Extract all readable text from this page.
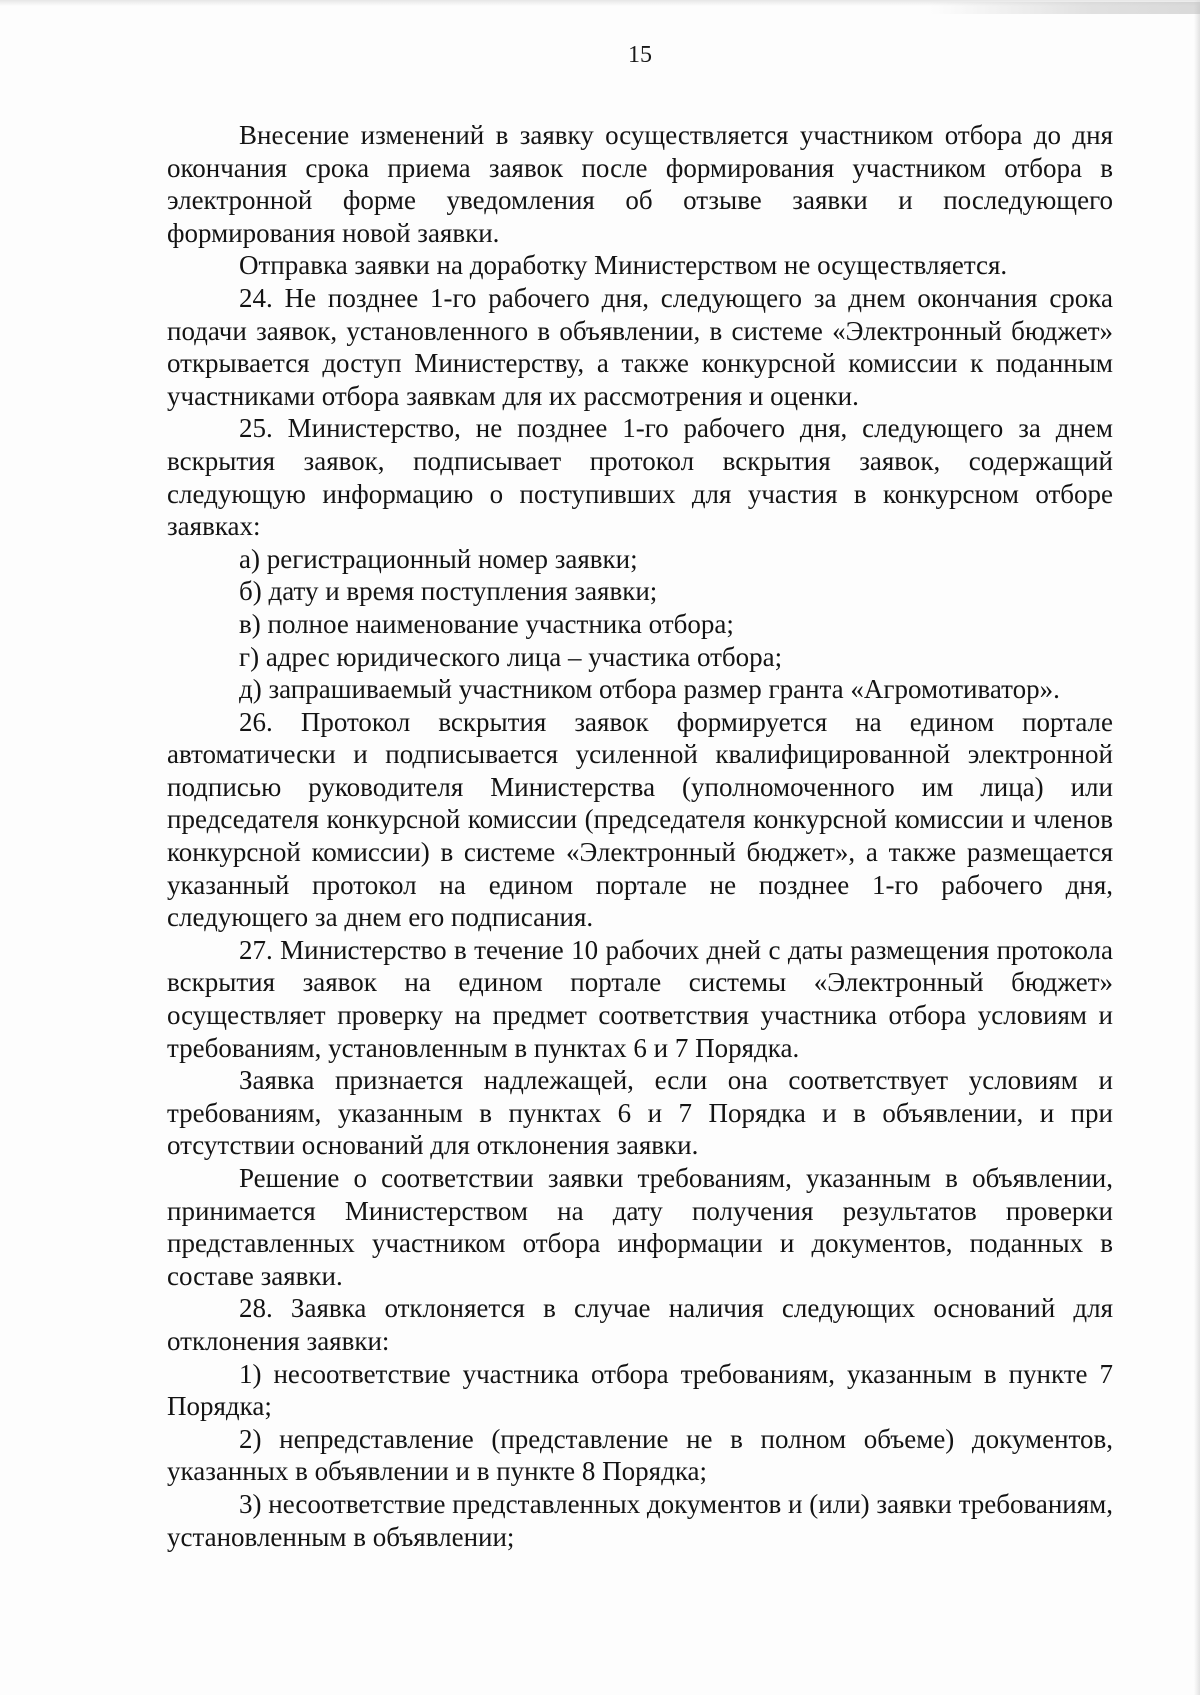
15

Внесение изменений в заявку осуществляется участником отбора до дня окончания срока приема заявок после формирования участником отбора в электронной форме уведомления об отзыве заявки и последующего формирования новой заявки.

Отправка заявки на доработку Министерством не осуществляется.

24. Не позднее 1-го рабочего дня, следующего за днем окончания срока подачи заявок, установленного в объявлении, в системе «Электронный бюджет» открывается доступ Министерству, а также конкурсной комиссии к поданным участниками отбора заявкам для их рассмотрения и оценки.

25. Министерство, не позднее 1-го рабочего дня, следующего за днем вскрытия заявок, подписывает протокол вскрытия заявок, содержащий следующую информацию о поступивших для участия в конкурсном отборе заявках:

а) регистрационный номер заявки;

б) дату и время поступления заявки;

в) полное наименование участника отбора;

г) адрес юридического лица – участика отбора;

д) запрашиваемый участником отбора размер гранта «Агромотиватор».

26. Протокол вскрытия заявок формируется на едином портале автоматически и подписывается усиленной квалифицированной электронной подписью руководителя Министерства (уполномоченного им лица) или председателя конкурсной комиссии (председателя конкурсной комиссии и членов конкурсной комиссии) в системе «Электронный бюджет», а также размещается указанный протокол на едином портале не позднее 1-го рабочего дня, следующего за днем его подписания.

27. Министерство в течение 10 рабочих дней с даты размещения протокола вскрытия заявок на едином портале системы «Электронный бюджет» осуществляет проверку на предмет соответствия участника отбора условиям и требованиям, установленным в пунктах 6 и 7 Порядка.

Заявка признается надлежащей, если она соответствует условиям и требованиям, указанным в пунктах 6 и 7 Порядка и в объявлении, и при отсутствии оснований для отклонения заявки.

Решение о соответствии заявки требованиям, указанным в объявлении, принимается Министерством на дату получения результатов проверки представленных участником отбора информации и документов, поданных в составе заявки.

28. Заявка отклоняется в случае наличия следующих оснований для отклонения заявки:

1) несоответствие участника отбора требованиям, указанным в пункте 7 Порядка;

2) непредставление (представление не в полном объеме) документов, указанных в объявлении и в пункте 8 Порядка;

3) несоответствие представленных документов и (или) заявки требованиям, установленным в объявлении;
